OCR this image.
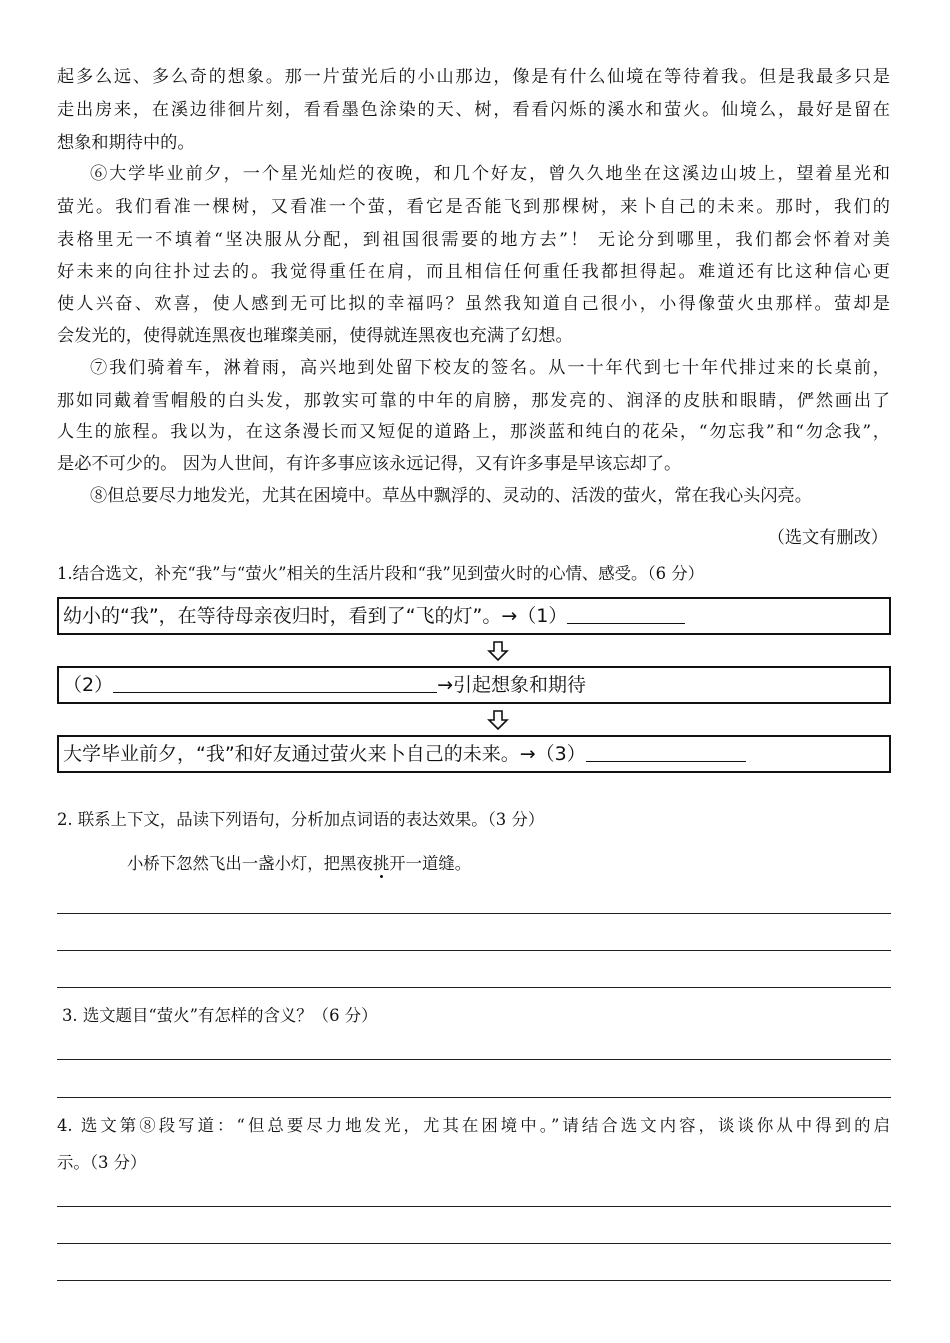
起多么远、多么奇的想象。那一片萤光后的小山那边，像是有什么仙境在等待着我。但是我最多只是
走出房来，在溪边徘徊片刻，看看墨色涂染的天、树，看看闪烁的溪水和萤火。仙境么，最好是留在
想象和期待中的。
⑥大学毕业前夕，一个星光灿烂的夜晚，和几个好友，曾久久地坐在这溪边山坡上，望着星光和
萤光。我们看准一棵树，又看准一个萤，看它是否能飞到那棵树，来卜自己的未来。那时，我们的
表格里无一不填着“坚决服从分配，到祖国很需要的地方去”！ 无论分到哪里，我们都会怀着对美
好未来的向往扑过去的。我觉得重任在肩，而且相信任何重任我都担得起。难道还有比这种信心更
使人兴奋、欢喜，使人感到无可比拟的幸福吗？虽然我知道自己很小，小得像萤火虫那样。萤却是
会发光的，使得就连黑夜也璀璨美丽，使得就连黑夜也充满了幻想。
⑦我们骑着车，淋着雨，高兴地到处留下校友的签名。从一十年代到七十年代排过来的长桌前，
那如同戴着雪帽般的白头发，那敦实可靠的中年的肩膀，那发亮的、润泽的皮肤和眼睛，俨然画出了
人生的旅程。我以为，在这条漫长而又短促的道路上，那淡蓝和纯白的花朵，“勿忘我”和“勿念我”，
是必不可少的。 因为人世间，有许多事应该永远记得，又有许多事是早该忘却了。
⑧但总要尽力地发光，尤其在困境中。草丛中飘浮的、灵动的、活泼的萤火，常在我心头闪亮。
（选文有删改）
1.结合选文，补充“我”与“萤火”相关的生活片段和“我”见到萤火时的心情、感受。（6 分）
幼小的“我”，在等待母亲夜归时，看到了“飞的灯”。→（1）
（2）	→引起想象和期待
大学毕业前夕，“我”和好友通过萤火来卜自己的未来。→（3）
2. 联系上下文，品读下列语句，分析加点词语的表达效果。（3 分）
小桥下忽然飞出一盏小灯，把黑夜挑开一道缝。
3. 选文题目“萤火”有怎样的含义？（6 分）
4. 选文第⑧段写道：“但总要尽力地发光，尤其在困境中。”请结合选文内容，谈谈你从中得到的启
示。（3 分）
